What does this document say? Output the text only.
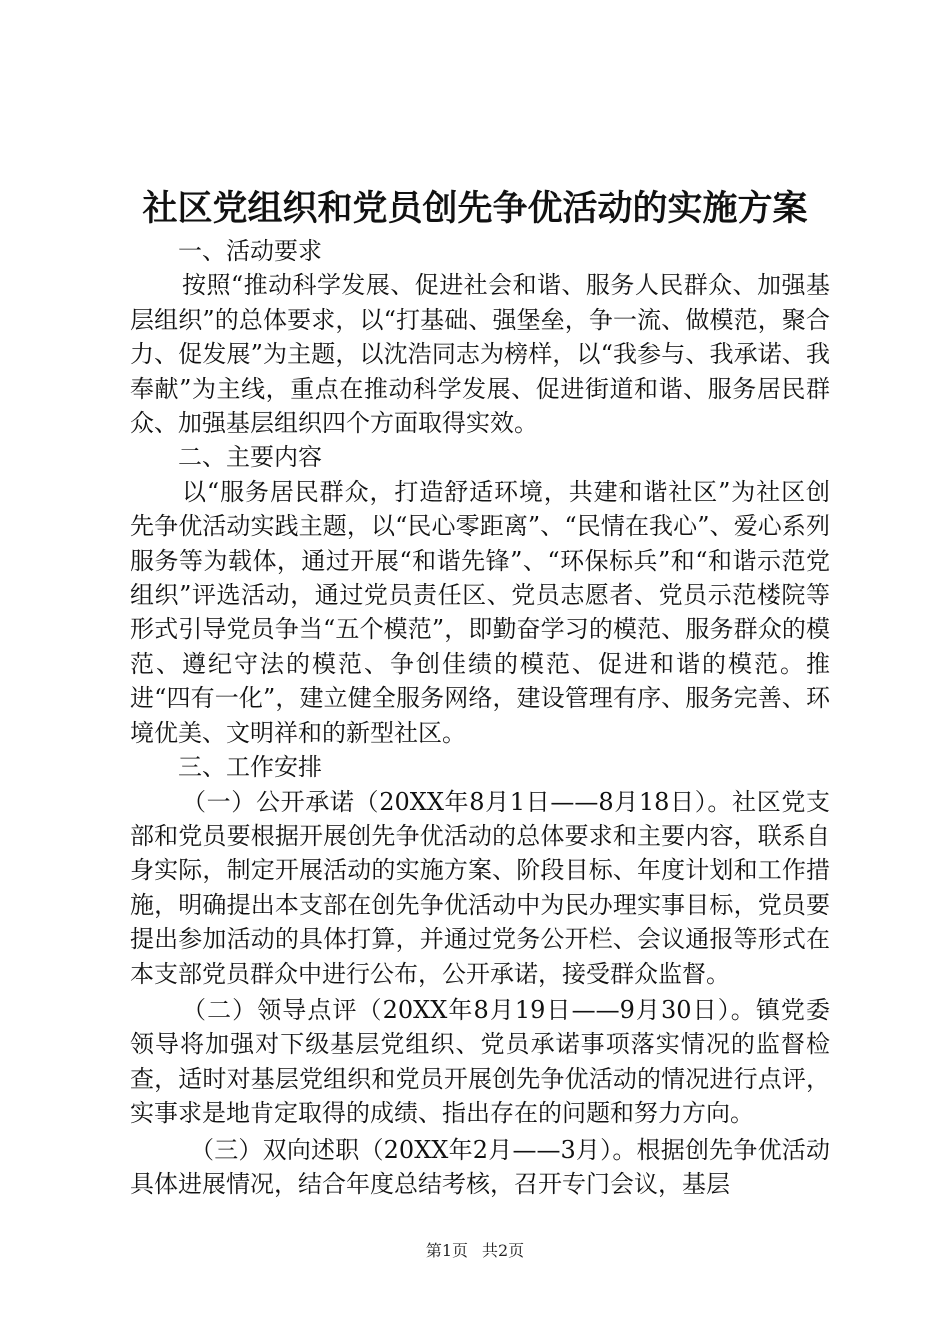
社区党组织和党员创先争优活动的实施方案

一、活动要求

按照“推动科学发展、促进社会和谐、服务人民群众、加强基层组织”的总体要求，以“打基础、强堡垒，争一流、做模范，聚合力、促发展”为主题，以沈浩同志为榜样，以“我参与、我承诺、我奉献”为主线，重点在推动科学发展、促进街道和谐、服务居民群众、加强基层组织四个方面取得实效。

二、主要内容

以“服务居民群众，打造舒适环境，共建和谐社区”为社区创先争优活动实践主题，以“民心零距离”、“民情在我心”、爱心系列服务等为载体，通过开展“和谐先锋”、“环保标兵”和“和谐示范党组织”评选活动，通过党员责任区、党员志愿者、党员示范楼院等形式引导党员争当“五个模范”，即勤奋学习的模范、服务群众的模范、遵纪守法的模范、争创佳绩的模范、促进和谐的模范。推进“四有一化”，建立健全服务网络，建设管理有序、服务完善、环境优美、文明祥和的新型社区。

三、工作安排

（一）公开承诺（20XX年8月1日——8月18日）。社区党支部和党员要根据开展创先争优活动的总体要求和主要内容，联系自身实际，制定开展活动的实施方案、阶段目标、年度计划和工作措施，明确提出本支部在创先争优活动中为民办理实事目标，党员要提出参加活动的具体打算，并通过党务公开栏、会议通报等形式在本支部党员群众中进行公布，公开承诺，接受群众监督。

（二）领导点评（20XX年8月19日——9月30日）。镇党委领导将加强对下级基层党组织、党员承诺事项落实情况的监督检查，适时对基层党组织和党员开展创先争优活动的情况进行点评，实事求是地肯定取得的成绩、指出存在的问题和努力方向。

（三）双向述职（20XX年2月——3月）。根据创先争优活动具体进展情况，结合年度总结考核，召开专门会议，基层

第1页 共2页
